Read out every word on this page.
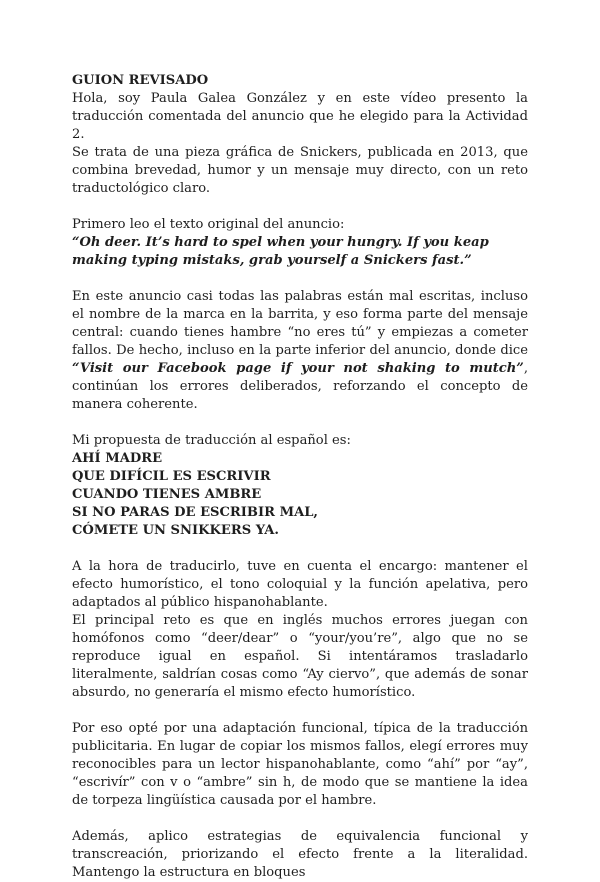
GUION REVISADO

Hola, soy Paula Galea González y en este vídeo presento la traducción comentada del anuncio que he elegido para la Actividad 2.

Se trata de una pieza gráfica de Snickers, publicada en 2013, que combina brevedad, humor y un mensaje muy directo, con un reto traductológico claro.

Primero leo el texto original del anuncio:

“Oh deer. It’s hard to spel when your hungry. If you keap making typing mistaks, grab yourself a Snickers fast.”

En este anuncio casi todas las palabras están mal escritas, incluso el nombre de la marca en la barrita, y eso forma parte del mensaje central: cuando tienes hambre “no eres tú” y empiezas a cometer fallos. De hecho, incluso en la parte inferior del anuncio, donde dice “Visit our Facebook page if your not shaking to mutch”, continúan los errores deliberados, reforzando el concepto de manera coherente.

Mi propuesta de traducción al español es:

AHÍ MADRE

QUE DIFÍCIL ES ESCRIVIR

CUANDO TIENES AMBRE

SI NO PARAS DE ESCRIBIR MAL,

CÓMETE UN SNIKKERS YA.

A la hora de traducirlo, tuve en cuenta el encargo: mantener el efecto humorístico, el tono coloquial y la función apelativa, pero adaptados al público hispanohablante.

El principal reto es que en inglés muchos errores juegan con homófonos como “deer/dear” o “your/you’re”, algo que no se reproduce igual en español. Si intentáramos trasladarlo literalmente, saldrían cosas como “Ay ciervo”, que además de sonar absurdo, no generaría el mismo efecto humorístico.

Por eso opté por una adaptación funcional, típica de la traducción publicitaria. En lugar de copiar los mismos fallos, elegí errores muy reconocibles para un lector hispanohablante, como “ahí” por “ay”, “escrivír” con v o “ambre” sin h, de modo que se mantiene la idea de torpeza lingüística causada por el hambre.

Además, aplico estrategias de equivalencia funcional y transcreación, priorizando el efecto frente a la literalidad. Mantengo la estructura en bloques
